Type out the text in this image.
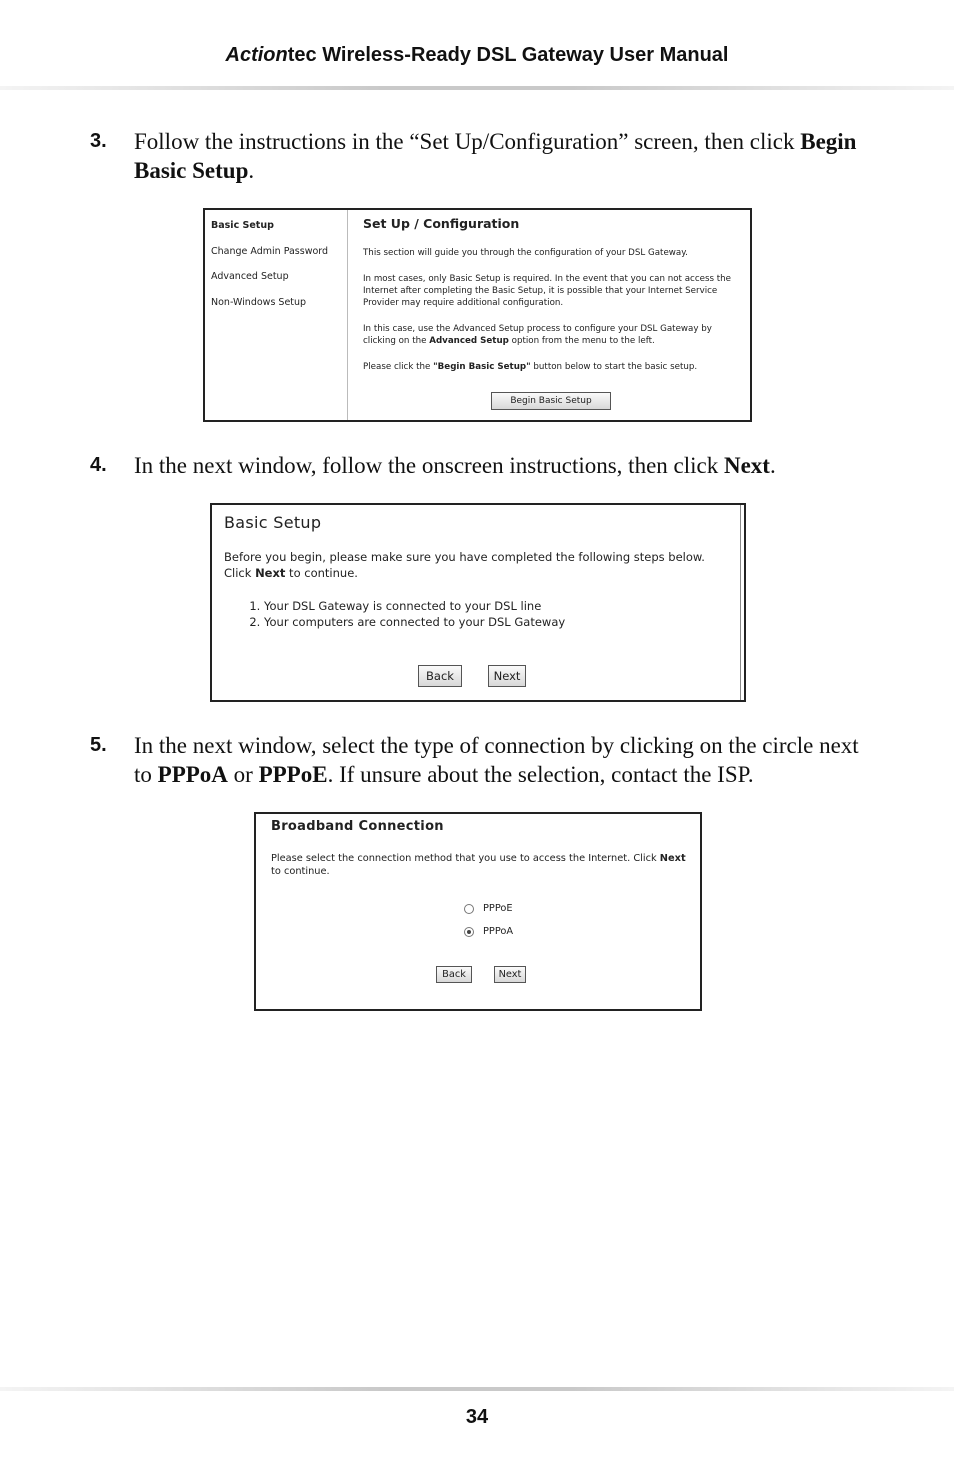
Actiontec Wireless-Ready DSL Gateway User Manual
3. Follow the instructions in the “Set Up/Configuration” screen, then click Begin Basic Setup.
Basic Setup
Change Admin Password
Advanced Setup
Non-Windows Setup
Set Up / Configuration

This section will guide you through the configuration of your DSL Gateway.

In most cases, only Basic Setup is required. In the event that you can not access the Internet after completing the Basic Setup, it is possible that your Internet Service Provider may require additional configuration.

In this case, use the Advanced Setup process to configure your DSL Gateway by clicking on the Advanced Setup option from the menu to the left.

Please click the "Begin Basic Setup" button below to start the basic setup.

Begin Basic Setup
4. In the next window, follow the onscreen instructions, then click Next.
Basic Setup
Before you begin, please make sure you have completed the following steps below. Click Next to continue.
1. Your DSL Gateway is connected to your DSL line
2. Your computers are connected to your DSL Gateway
Back	Next
5. In the next window, select the type of connection by clicking on the circle next to PPPoA or PPPoE. If unsure about the selection, contact the ISP.
Broadband Connection
Please select the connection method that you use to access the Internet. Click Next to continue.
PPPoE
PPPoA
Back	Next
34
